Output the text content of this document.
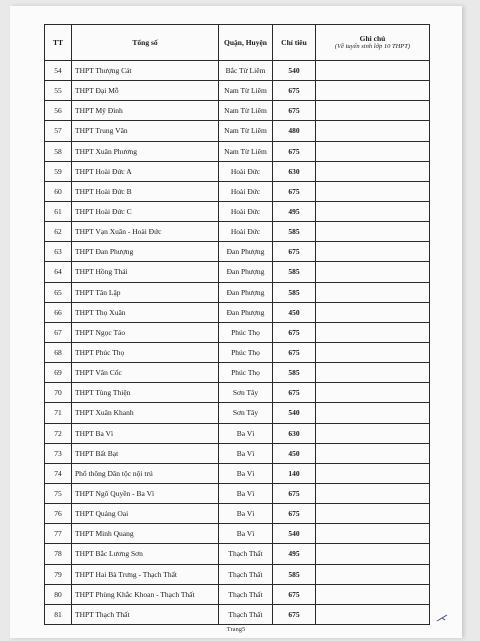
TT	Tổng số	Quận, Huyện	Chỉ tiêu	Ghi chú
(Về tuyển sinh lớp 10 THPT)

54	THPT Thượng Cát	Bắc Từ Liêm	540	
55	THPT Đại Mỗ	Nam Từ Liêm	675	
56	THPT Mỹ Đình	Nam Từ Liêm	675	
57	THPT Trung Văn	Nam Từ Liêm	480	
58	THPT Xuân Phương	Nam Từ Liêm	675	
59	THPT Hoài Đức A	Hoài Đức	630	
60	THPT Hoài Đức B	Hoài Đức	675	
61	THPT Hoài Đức C	Hoài Đức	495	
62	THPT Vạn Xuân - Hoài Đức	Hoài Đức	585	
63	THPT Đan Phượng	Đan Phượng	675	
64	THPT Hồng Thái	Đan Phượng	585	
65	THPT Tân Lập	Đan Phượng	585	
66	THPT Thọ Xuân	Đan Phượng	450	
67	THPT Ngọc Tảo	Phúc Thọ	675	
68	THPT Phúc Thọ	Phúc Thọ	675	
69	THPT Vân Cốc	Phúc Thọ	585	
70	THPT Tùng Thiện	Sơn Tây	675	
71	THPT Xuân Khanh	Sơn Tây	540	
72	THPT Ba Vì	Ba Vì	630	
73	THPT Bất Bạt	Ba Vì	450	
74	Phổ thông Dân tộc nội trú	Ba Vì	140	
75	THPT Ngô Quyền - Ba Vì	Ba Vì	675	
76	THPT Quảng Oai	Ba Vì	675	
77	THPT Minh Quang	Ba Vì	540	
78	THPT Bắc Lương Sơn	Thạch Thất	495	
79	THPT Hai Bà Trưng - Thạch Thất	Thạch Thất	585	
80	THPT Phùng Khắc Khoan - Thạch Thất	Thạch Thất	675	
81	THPT Thạch Thất	Thạch Thất	675	
Trang5
